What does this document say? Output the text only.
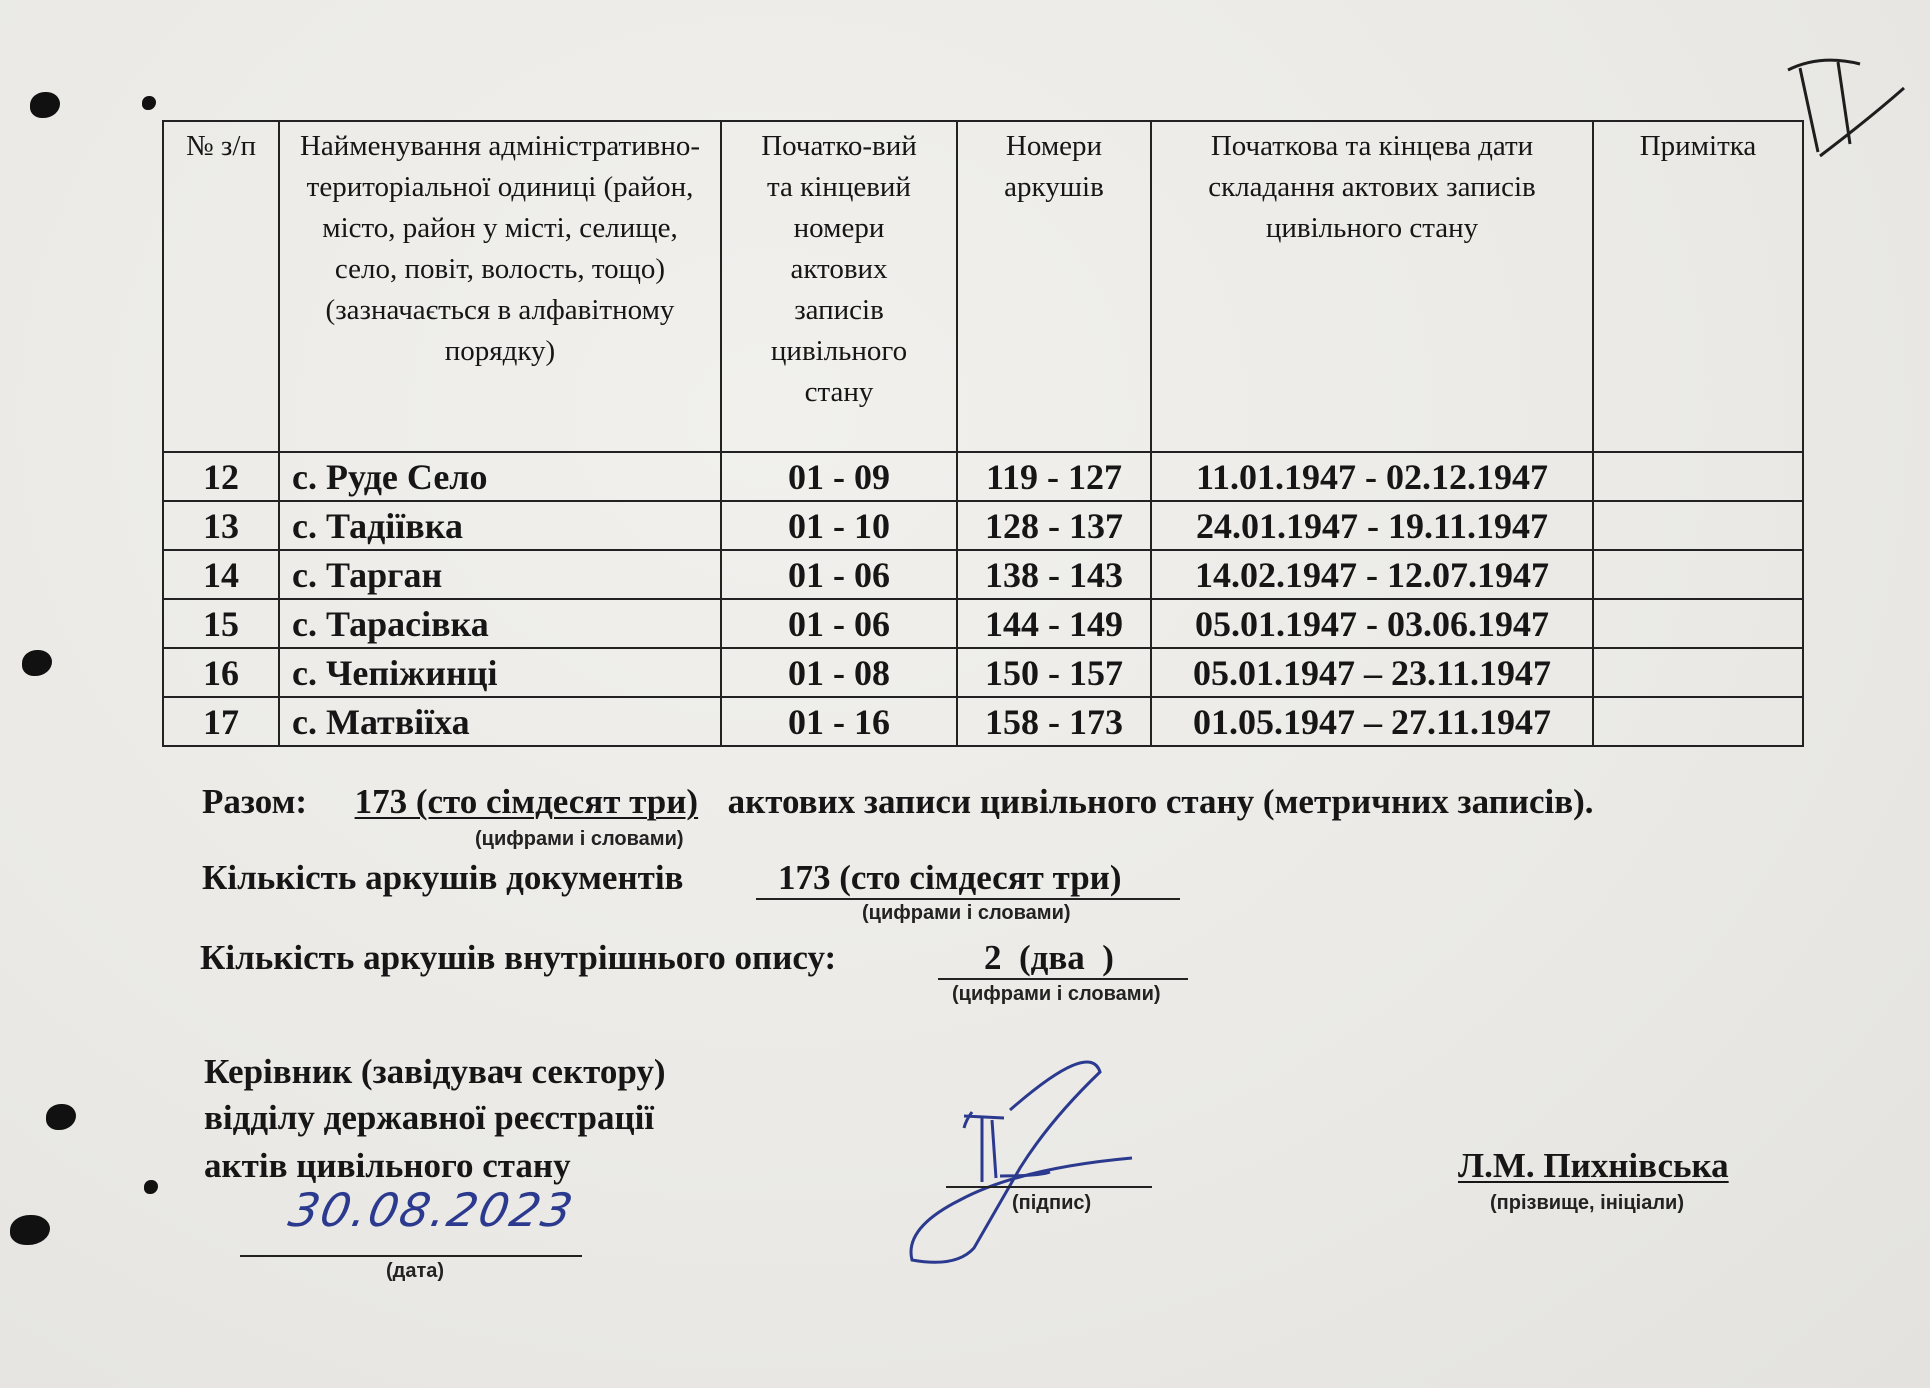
№ з/п	Найменування адміністративно-територіальної одиниці (район, місто, район у місті, селище, село, повіт, волость, тощо) (зазначається в алфавітному порядку)	Початко-вий та кінцевий номери актових записів цивільного стану	Номери аркушів	Початкова та кінцева дати складання актових записів цивільного стану	Примітка
12	с. Руде Село	01 - 09	119 - 127	11.01.1947 - 02.12.1947	
13	с. Тадіївка	01 - 10	128 - 137	24.01.1947 - 19.11.1947	
14	с. Тарган	01 - 06	138 - 143	14.02.1947 - 12.07.1947	
15	с. Тарасівка	01 - 06	144 - 149	05.01.1947 - 03.06.1947	
16	с. Чепіжинці	01 - 08	150 - 157	05.01.1947 – 23.11.1947	
17	с. Матвіїха	01 - 16	158 - 173	01.05.1947 – 27.11.1947	
Разом: 173 (сто сімдесят три) актових записи цивільного стану (метричних записів).
(цифрами і словами)
Кількість аркушів документів	173 (сто сімдесят три)
(цифрами і словами)
Кількість аркушів внутрішнього опису:	2  (два  )
(цифрами і словами)
Керівник (завідувач сектору)
відділу державної реєстрації
актів цивільного стану
30.08.2023
(дата)
(підпис)
Л.М. Пихнівська
(прізвище, ініціали)
